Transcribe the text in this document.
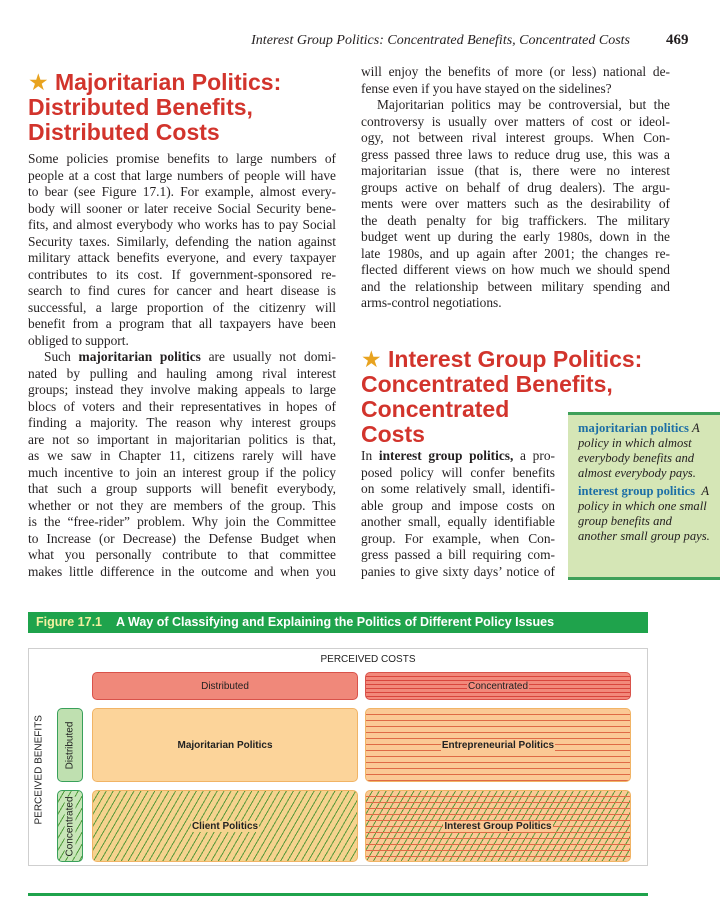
Interest Group Politics: Concentrated Benefits, Concentrated Costs 469
★ Majoritarian Politics:
Distributed Benefits,
Distributed Costs
Some policies promise benefits to large numbers of
people at a cost that large numbers of people will have
to bear (see Figure 17.1). For example, almost every-
body will sooner or later receive Social Security bene-
fits, and almost everybody who works has to pay Social
Security taxes. Similarly, defending the nation against
military attack benefits everyone, and every taxpayer
contributes to its cost. If government-sponsored re-
search to find cures for cancer and heart disease is
successful, a large proportion of the citizenry will
benefit from a program that all taxpayers have been
obliged to support.
Such majoritarian politics are usually not domi-
nated by pulling and hauling among rival interest
groups; instead they involve making appeals to large
blocs of voters and their representatives in hopes of
finding a majority. The reason why interest groups
are not so important in majoritarian politics is that,
as we saw in Chapter 11, citizens rarely will have
much incentive to join an interest group if the policy
that such a group supports will benefit everybody,
whether or not they are members of the group. This
is the “free-rider” problem. Why join the Committee
to Increase (or Decrease) the Defense Budget when
what you personally contribute to that committee
makes little difference in the outcome and when you
will enjoy the benefits of more (or less) national de-
fense even if you have stayed on the sidelines?
Majoritarian politics may be controversial, but the
controversy is usually over matters of cost or ideol-
ogy, not between rival interest groups. When Con-
gress passed three laws to reduce drug use, this was a
majoritarian issue (that is, there were no interest
groups active on behalf of drug dealers). The argu-
ments were over matters such as the desirability of
the death penalty for big traffickers. The military
budget went up during the early 1980s, down in the
late 1980s, and up again after 2001; the changes re-
flected different views on how much we should spend
and the relationship between military spending and
arms-control negotiations.
★ Interest Group Politics:
Concentrated Benefits,
Concentrated
Costs
In interest group politics, a pro-
posed policy will confer benefits
on some relatively small, identifi-
able group and impose costs on
another small, equally identifiable
group. For example, when Con-
gress passed a bill requiring com-
panies to give sixty days’ notice of
majoritarian politics A policy in which almost everybody benefits and almost everybody pays.
interest group politics A policy in which one small group benefits and another small group pays.
Figure 17.1 A Way of Classifying and Explaining the Politics of Different Policy Issues
PERCEIVED COSTS
PERCEIVED BENEFITS
Distributed	Concentrated
Distributed
Concentrated
Majoritarian Politics	Entrepreneurial Politics
Client Politics	Interest Group Politics
